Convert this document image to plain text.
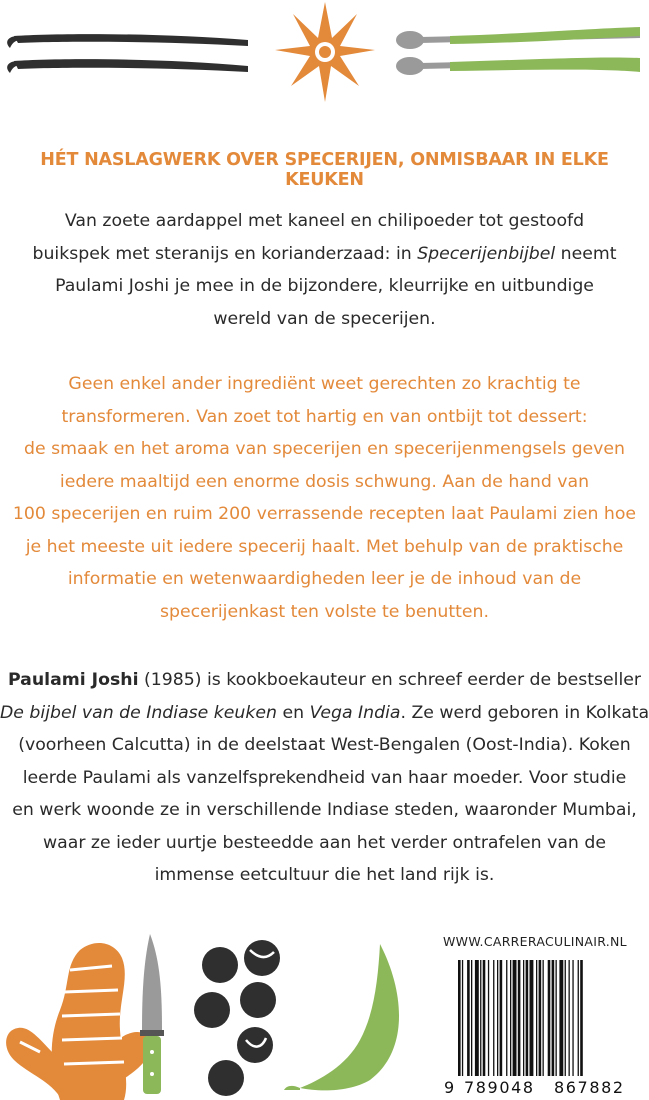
HÉT NASLAGWERK OVER SPECERIJEN, ONMISBAAR IN ELKE KEUKEN
Van zoete aardappel met kaneel en chilipoeder tot gestoofd
buikspek met steranijs en korianderzaad: in Specerijenbijbel neemt
Paulami Joshi je mee in de bijzondere, kleurrijke en uitbundige
wereld van de specerijen.
Geen enkel ander ingrediënt weet gerechten zo krachtig te
transformeren. Van zoet tot hartig en van ontbijt tot dessert:
de smaak en het aroma van specerijen en specerijenmengsels geven
iedere maaltijd een enorme dosis schwung. Aan de hand van
100 specerijen en ruim 200 verrassende recepten laat Paulami zien hoe
je het meeste uit iedere specerij haalt. Met behulp van de praktische
informatie en wetenwaardigheden leer je de inhoud van de
specerijenkast ten volste te benutten.
Paulami Joshi (1985) is kookboekauteur en schreef eerder de bestseller
De bijbel van de Indiase keuken en Vega India. Ze werd geboren in Kolkata
(voorheen Calcutta) in de deelstaat West-Bengalen (Oost-India). Koken
leerde Paulami als vanzelfsprekendheid van haar moeder. Voor studie
en werk woonde ze in verschillende Indiase steden, waaronder Mumbai,
waar ze ieder uurtje besteedde aan het verder ontrafelen van de
immense eetcultuur die het land rijk is.
WWW.CARRERACULINAIR.NL
9 789048 867882
